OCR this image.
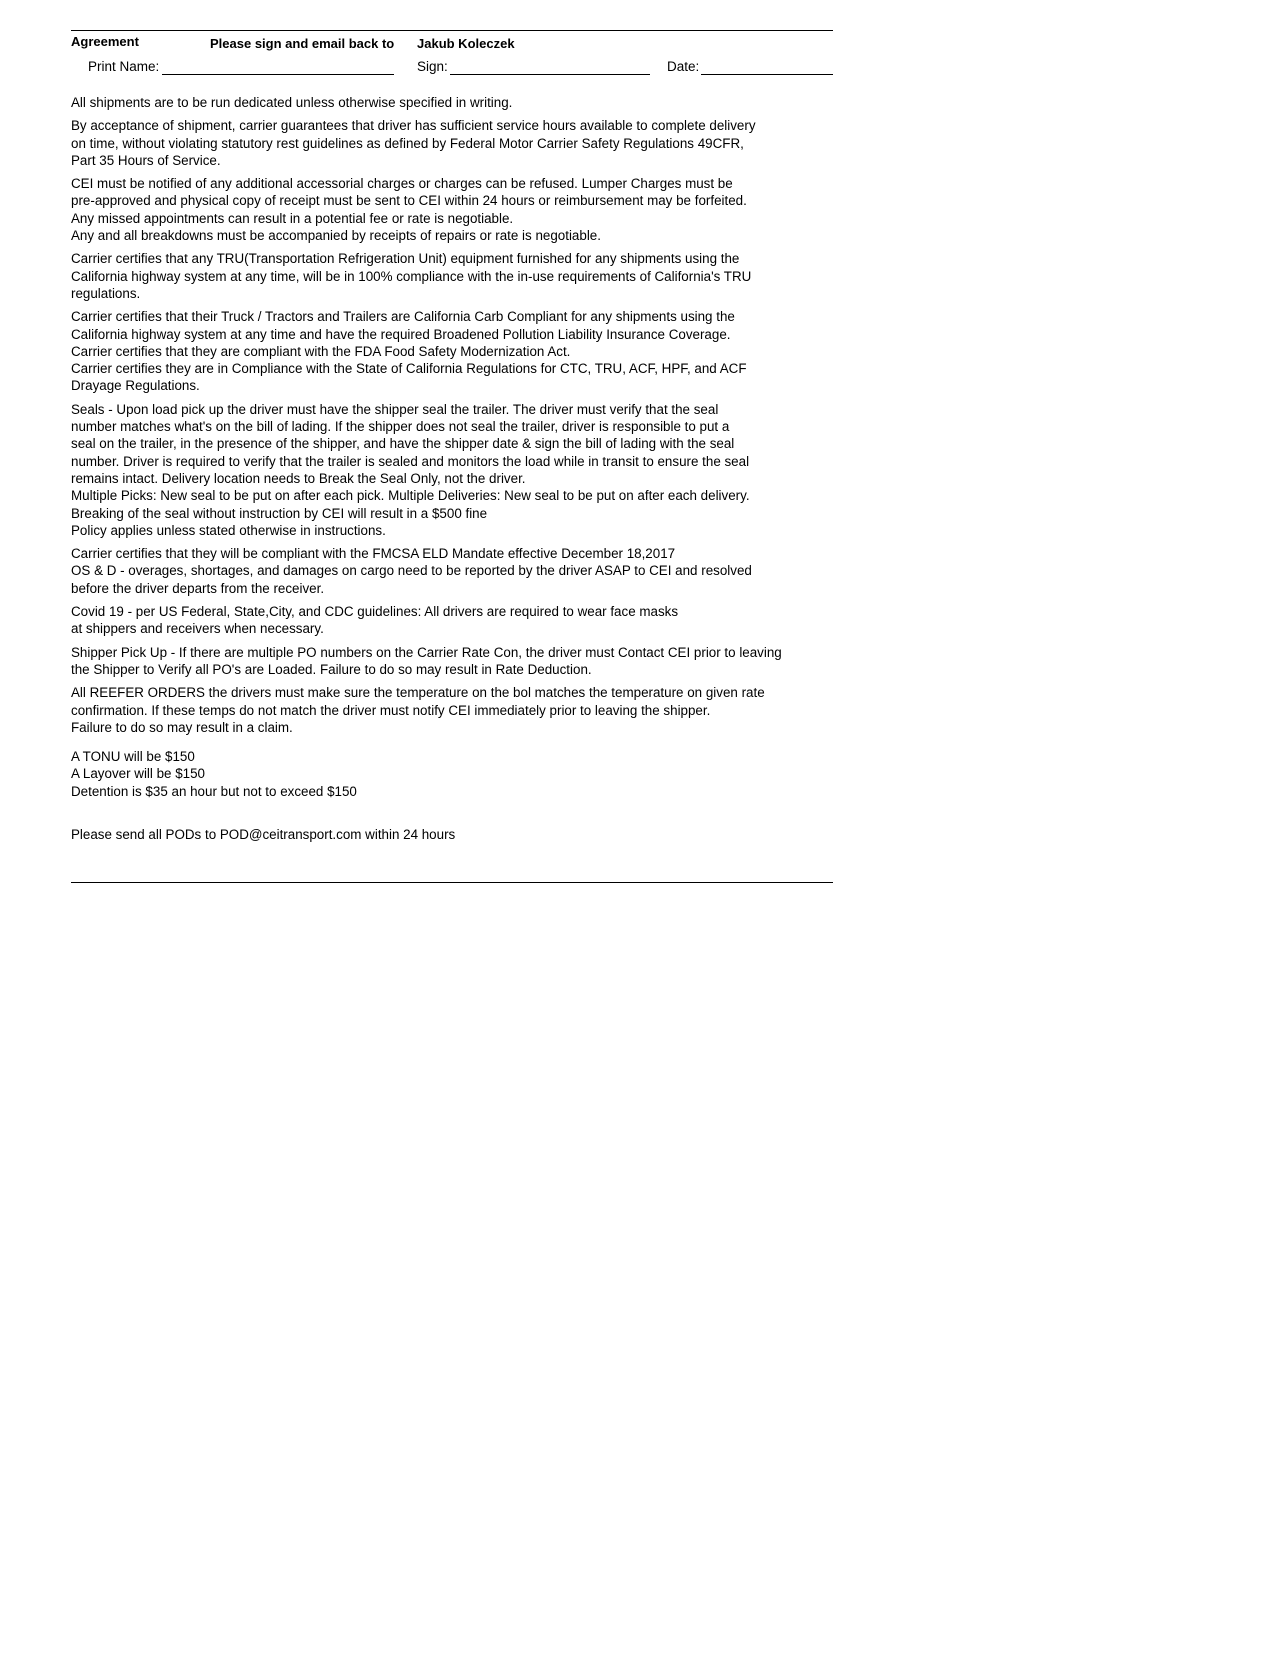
Agreement	Please sign and email back to Jakub Koleczek
Print Name:	Sign:	Date:

All shipments are to be run dedicated unless otherwise specified in writing.

By acceptance of shipment, carrier guarantees that driver has sufficient service hours available to complete delivery
on time, without violating statutory rest guidelines as defined by Federal Motor Carrier Safety Regulations 49CFR,
Part 35 Hours of Service.

CEI must be notified of any additional accessorial charges or charges can be refused. Lumper Charges must be
pre-approved and physical copy of receipt must be sent to CEI within 24 hours or reimbursement may be forfeited.
Any missed appointments can result in a potential fee or rate is negotiable.
Any and all breakdowns must be accompanied by receipts of repairs or rate is negotiable.

Carrier certifies that any TRU(Transportation Refrigeration Unit) equipment furnished for any shipments using the
California highway system at any time, will be in 100% compliance with the in-use requirements of California's TRU
regulations.

Carrier certifies that their Truck / Tractors and Trailers are California Carb Compliant for any shipments using the
California highway system at any time and have the required Broadened Pollution Liability Insurance Coverage.
Carrier certifies that they are compliant with the FDA Food Safety Modernization Act.
Carrier certifies they are in Compliance with the State of California Regulations for CTC, TRU, ACF, HPF, and ACF
Drayage Regulations.

Seals - Upon load pick up the driver must have the shipper seal the trailer. The driver must verify that the seal
number matches what's on the bill of lading. If the shipper does not seal the trailer, driver is responsible to put a
seal on the trailer, in the presence of the shipper, and have the shipper date & sign the bill of lading with the seal
number. Driver is required to verify that the trailer is sealed and monitors the load while in transit to ensure the seal
remains intact. Delivery location needs to Break the Seal Only, not the driver.
Multiple Picks: New seal to be put on after each pick. Multiple Deliveries: New seal to be put on after each delivery.
Breaking of the seal without instruction by CEI will result in a $500 fine
Policy applies unless stated otherwise in instructions.

Carrier certifies that they will be compliant with the FMCSA ELD Mandate effective December 18,2017
OS & D - overages, shortages, and damages on cargo need to be reported by the driver ASAP to CEI and resolved
before the driver departs from the receiver.

Covid 19 - per US Federal, State,City, and CDC guidelines: All drivers are required to wear face masks
at shippers and receivers when necessary.

Shipper Pick Up - If there are multiple PO numbers on the Carrier Rate Con, the driver must Contact CEI prior to leaving
the Shipper to Verify all PO's are Loaded. Failure to do so may result in Rate Deduction.

All REEFER ORDERS the drivers must make sure the temperature on the bol matches the temperature on given rate
confirmation. If these temps do not match the driver must notify CEI immediately prior to leaving the shipper.
Failure to do so may result in a claim.

A TONU will be $150

A Layover will be $150

Detention is $35 an hour but not to exceed $150

Please send all PODs to POD@ceitransport.com within 24 hours
